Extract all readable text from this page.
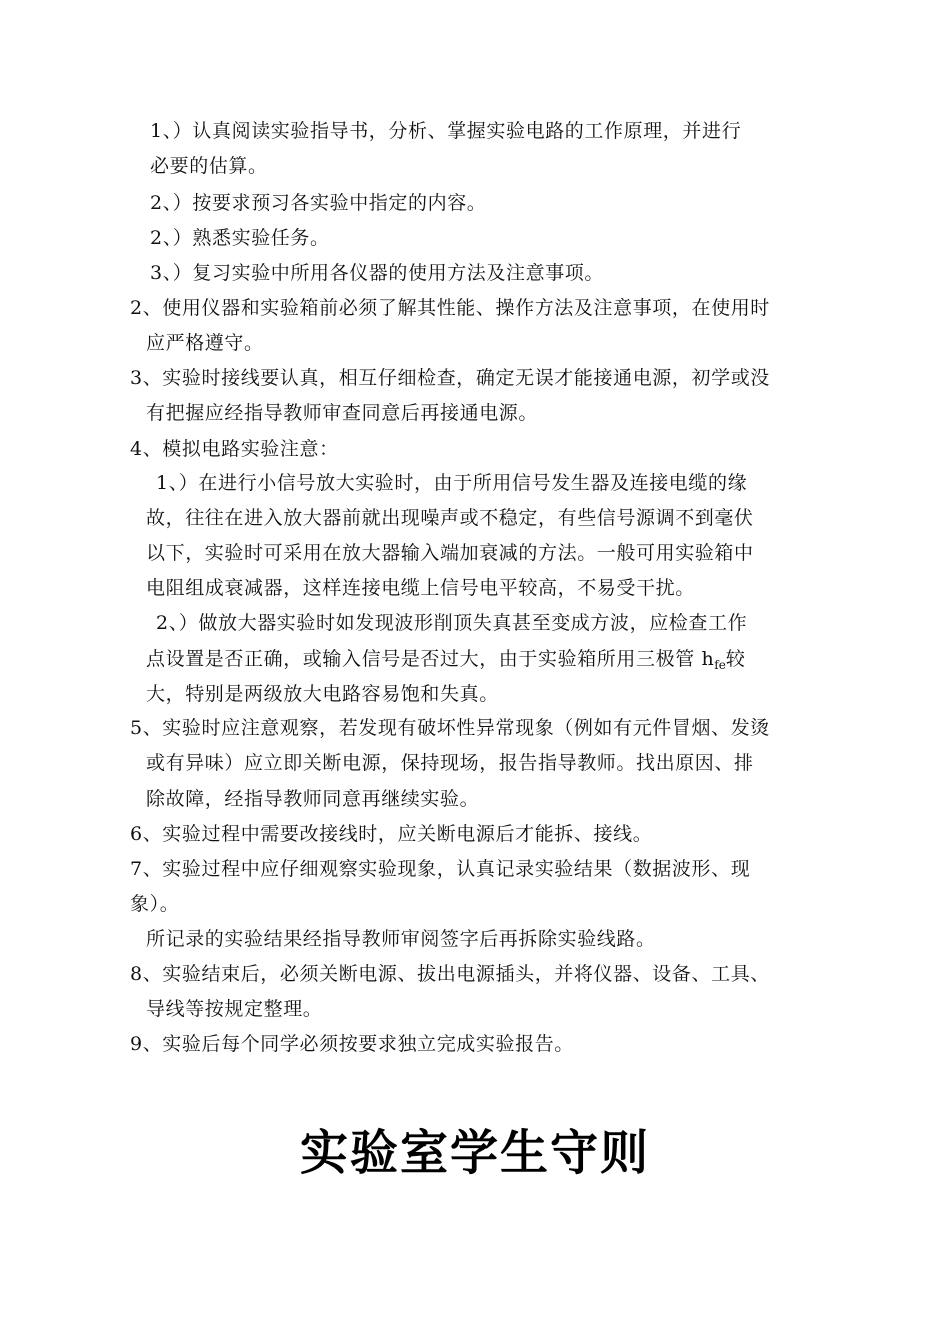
1、）认真阅读实验指导书，分析、掌握实验电路的工作原理，并进行
必要的估算。
2、）按要求预习各实验中指定的内容。
2、）熟悉实验任务。
3、）复习实验中所用各仪器的使用方法及注意事项。
2、使用仪器和实验箱前必须了解其性能、操作方法及注意事项，在使用时
应严格遵守。
3、实验时接线要认真，相互仔细检查，确定无误才能接通电源，初学或没
有把握应经指导教师审查同意后再接通电源。
4、模拟电路实验注意：
1、）在进行小信号放大实验时，由于所用信号发生器及连接电缆的缘
故，往往在进入放大器前就出现噪声或不稳定，有些信号源调不到毫伏
以下，实验时可采用在放大器输入端加衰减的方法。一般可用实验箱中
电阻组成衰减器，这样连接电缆上信号电平较高，不易受干扰。
2、）做放大器实验时如发现波形削顶失真甚至变成方波，应检查工作
点设置是否正确，或输入信号是否过大，由于实验箱所用三极管 $h_{fe}$较
大，特别是两级放大电路容易饱和失真。
5、实验时应注意观察，若发现有破坏性异常现象（例如有元件冒烟、发烫
或有异味）应立即关断电源，保持现场，报告指导教师。找出原因、排
除故障，经指导教师同意再继续实验。
6、实验过程中需要改接线时，应关断电源后才能拆、接线。
7、实验过程中应仔细观察实验现象，认真记录实验结果（数据波形、现
象）。
所记录的实验结果经指导教师审阅签字后再拆除实验线路。
8、实验结束后，必须关断电源、拔出电源插头，并将仪器、设备、工具、
导线等按规定整理。
9、实验后每个同学必须按要求独立完成实验报告。
实验室学生守则
